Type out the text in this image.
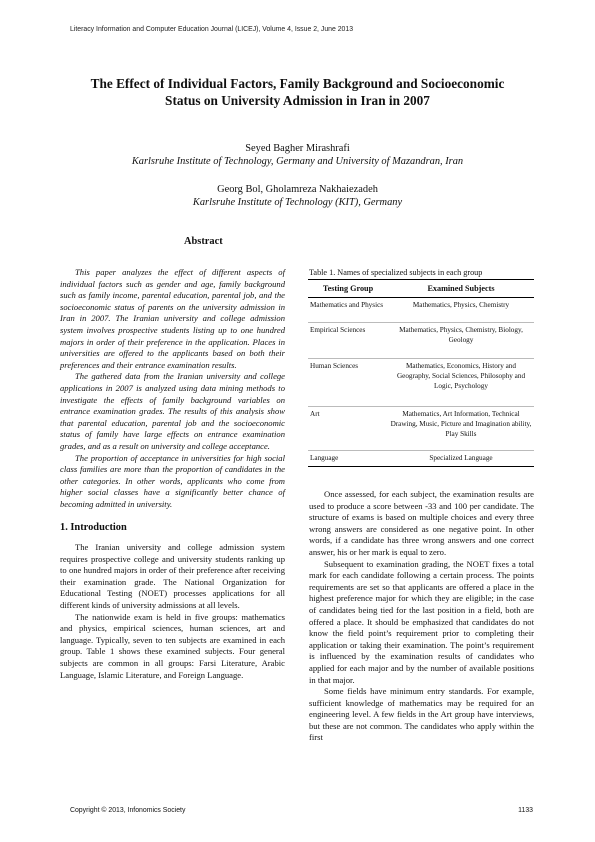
Literacy Information and Computer Education Journal (LICEJ), Volume 4, Issue 2, June 2013
The Effect of Individual Factors, Family Background and Socioeconomic
Status on University Admission in Iran in 2007
Seyed Bagher Mirashrafi
Karlsruhe Institute of Technology, Germany and University of Mazandran, Iran
Georg Bol, Gholamreza Nakhaiezadeh
Karlsruhe Institute of Technology (KIT), Germany
Abstract

This paper analyzes the effect of different aspects of individual factors such as gender and age, family background such as family income, parental education, parental job, and the socioeconomic status of parents on the university admission in Iran in 2007. The Iranian university and college admission system involves prospective students listing up to one hundred majors in order of their preference in the application. Places in universities are offered to the applicants based on both their preferences and their entrance examination results.

The gathered data from the Iranian university and college applications in 2007 is analyzed using data mining methods to investigate the effects of family background variables on entrance examination grades. The results of this analysis show that parental education, parental job and the socioeconomic status of family have large effects on entrance examination grades, and as a result on university and college acceptance.

The proportion of acceptance in universities for high social class families are more than the proportion of candidates in the other categories. In other words, applicants who come from higher social classes have a significantly better chance of becoming admitted in university.

1. Introduction

The Iranian university and college admission system requires prospective college and university students ranking up to one hundred majors in order of their preference after receiving their examination grade. The National Organization for Educational Testing (NOET) processes applications for all different kinds of university admissions at all levels.

The nationwide exam is held in five groups: mathematics and physics, empirical sciences, human sciences, art and language. Typically, seven to ten subjects are examined in each group. Table 1 shows these examined subjects. Four general subjects are common in all groups: Farsi Literature, Arabic Language, Islamic Literature, and Foreign Language.

Table 1. Names of specialized subjects in each group
Testing Group	Examined Subjects
Mathematics and Physics	Mathematics, Physics, Chemistry
Empirical Sciences	Mathematics, Physics, Chemistry, Biology, Geology
Human Sciences	Mathematics, Economics, History and Geography, Social Sciences, Philosophy and Logic, Psychology
Art	Mathematics, Art Information, Technical Drawing, Music, Picture and Imagination ability, Play Skills
Language	Specialized Language

Once assessed, for each subject, the examination results are used to produce a score between -33 and 100 per candidate. The structure of exams is based on multiple choices and every three wrong answers are considered as one negative point. In other words, if a candidate has three wrong answers and one correct answer, his or her mark is equal to zero.

Subsequent to examination grading, the NOET fixes a total mark for each candidate following a certain process. The points requirements are set so that applicants are offered a place in the highest preference major for which they are eligible; in the case of candidates being tied for the last position in a field, both are offered a place. It should be emphasized that candidates do not know the field point’s requirement prior to completing their application or taking their examination. The point’s requirement is influenced by the examination results of candidates who applied for each major and by the number of available positions in that major.

Some fields have minimum entry standards. For example, sufficient knowledge of mathematics may be required for an engineering level. A few fields in the Art group have interviews, but these are not common. The candidates who apply within the first

Copyright © 2013, Infonomics Society	1133
